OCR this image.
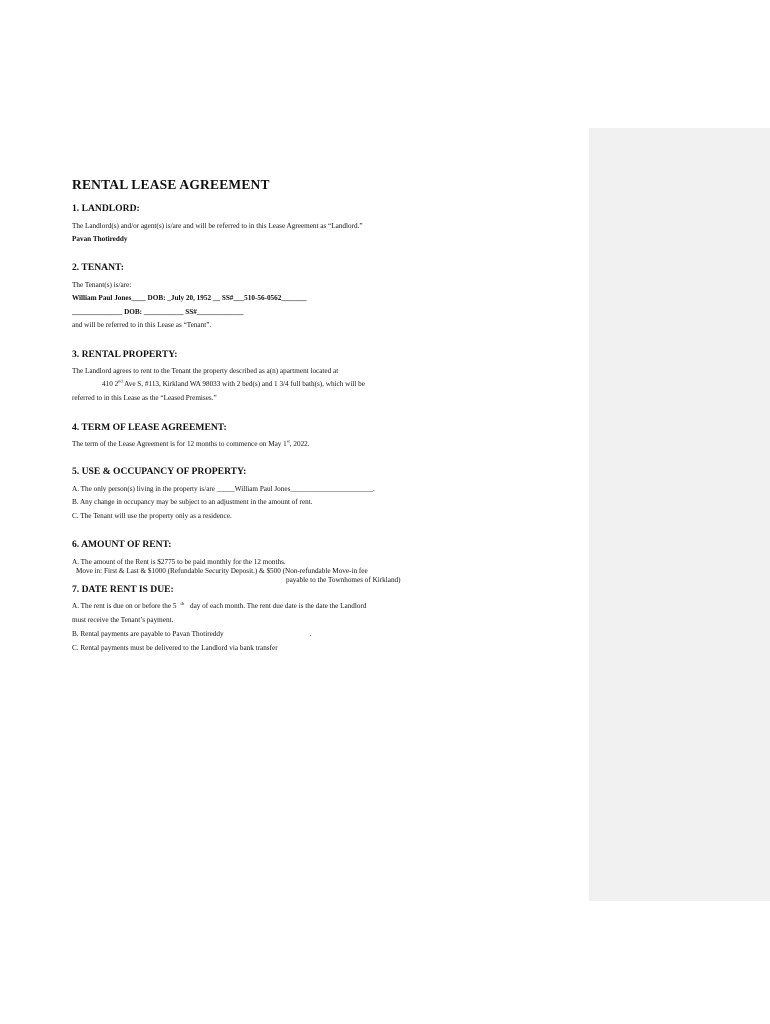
RENTAL LEASE AGREEMENT
1. LANDLORD:
The Landlord(s) and/or agent(s) is/are and will be referred to in this Lease Agreement as “Landlord.”
Pavan Thotireddy
2. TENANT:
The Tenant(s) is/are:
William Paul Jones____ DOB: _July 20, 1952 __ SS#___510-56-0562_______
______________ DOB: ___________ SS#_____________
and will be referred to in this Lease as “Tenant”.
3. RENTAL PROPERTY:
The Landlord agrees to rent to the Tenant the property described as a(n) apartment located at
410 2nd Ave S, #113, Kirkland WA 98033 with 2 bed(s) and 1 3/4 full bath(s), which will be
referred to in this Lease as the “Leased Premises.”
4. TERM OF LEASE AGREEMENT:
The term of the Lease Agreement is for 12 months to commence on May 1st, 2022.
5. USE & OCCUPANCY OF PROPERTY:
A. The only person(s) living in the property is/are _____William Paul Jones_______________________.
B. Any change in occupancy may be subject to an adjustment in the amount of rent.
C. The Tenant will use the property only as a residence.
6. AMOUNT OF RENT:
A. The amount of the Rent is $2775 to be paid monthly for the 12 months.
Move in: First & Last & $1000 (Refundable Security Deposit.) & $500 (Non-refundable Move-in fee
payable to the Townhomes of Kirkland)
7. DATE RENT IS DUE:
A. The rent is due on or before the 5 $^{th}$ day of each month. The rent due date is the date the Landlord
must receive the Tenant’s payment.
B. Rental payments are payable to Pavan Thotireddy	.
C. Rental payments must be delivered to the Landlord via bank transfer
